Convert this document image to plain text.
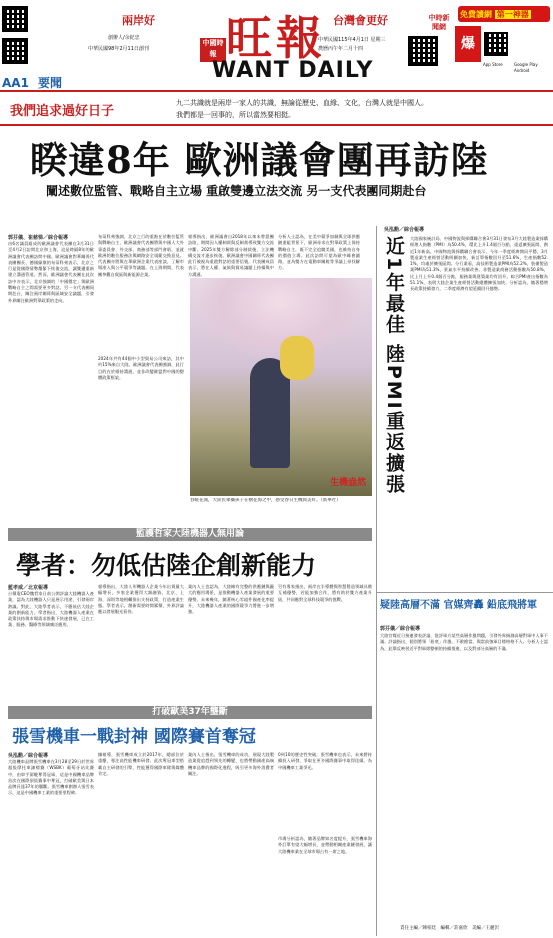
兩岸好
創辦人/余紀忠
中華民國98年2月11日創刊
中國時報 旺報
WANT DAILY
台灣會更好
中華民國115年4月1日 星期三
農曆丙午年二月十四
中時新聞網
免費讀網 第一神器
爆
App Store	Google Play
Android
AA1 要聞
我們追求過好日子
九二共識就是兩岸一家人的共識，無論從歷史、血緣、文化，台灣人就是中國人。
我們都是一回事的，所以當然要相挺。
睽違8年 歐洲議會團再訪陸
闡述數位監管、戰略自主立場 重啟雙邊立法交流 另一支代表團同期赴台
郭芬儀、崔慈悌／綜合報導
由6名議員組成的歐洲議會代表團在3月31日至4月2日訪問北京和上海，這是時隔8年的歐洲議會代表團訪問中國。歐洲議會對華關係代表團團長、德國綠黨的布蒂科弗表示，北京之行是從國際情勢趨緊下恢復交流，讓雙邊重新建立溝通管道。然而，歐洲議會代表團在此次訪中亦表示，北京強調的「中國穩定」與歐洲戰略自主之間需要更多對話。另一支代表團同期赴台，關注兩岸關係與區域安全議題，引發外界關注歐洲對華政策的走向。
布蒂科弗強調，北京之行的重點在於數位監管與戰略自主，歐洲議會代表團將與中國人大外事委員會、外交部、商務部等部門會晤，並就歐洲的數位服務法與網路安全規範交換意見。代表團亦將與在華歐洲企業代表座談，了解市場准入與公平競爭等議題。在上海期間，代表團參觀自貿區與新能源企業。
報導指出，歐洲議會自2018年以來未曾派團訪陸，期間因人權制裁與反制裁導致雙方交流中斷。2025年雙方解除部分制裁後，立法機構交流才逐步恢復。歐洲議會中國關係代表團此行被視為重啟對話的重要信號，代表團成員表示，將在人權、氣候與貿易議題上持續與中方溝通。
分析人士認為，在美中競爭加劇與全球供應鏈重組背景下，歐洲尋求在對華政策上保持戰略自主，既不完全追隨美國，也維持自身的價值立場。此次訪問可望為歐中峰會鋪路，並為雙方在電動車關稅等爭議上尋找解方。
2024年共有44個中小型貿易公司來訪，其中約15%來自大陸。歐洲議會代表團強調，此行目的在於維持溝通，並非改變歐盟對中國的整體政策框架。
生機盎然
春暖花開，大陸民眾攜孩子在樹花海之中，感受春日生機與美好。（新華社）
吳泓勳／綜合報導
近1年最佳 陸PMI重返擴張 大陸國家統計局、中國物流與採購聯合會3月31日發布3月大陸製造業採購經理人指數（PMI）為50.4%，環比上升1.4個百分點，重返擴張區間，創近1年新高。中國物流與採購聯合會表示，今年一季度經濟開局平穩，3月製造業生產經營活動明顯加快，新訂單指數回升至51.6%，生產指數52.1%，均處於擴張區間。分行業看，高技術製造業PMI為52.2%，裝備製造業PMI為51.3%，景氣水平持續改善。非製造業商務活動指數為50.8%，比上月上升0.4個百分點，服務業與建築業均有回升。綜合PMI產出指數為51.1%，表明大陸企業生產經營活動總體擴張加快。分析認為，隨著穩增長政策持續發力，二季度經濟有望延續回升態勢。
疑陸高層不滿 官媒齊轟 鉛底飛將軍
郭芬儀／綜合報導
大陸官媒近日接連發表評論，批評軍方某些高層作風問題，引發外界揣測高層對軍中人事不滿。評論指出，個別將領「鉛底」作風、不敢擔當，與當前強軍目標格格不入。分析人士認為，此舉反映習近平對軍隊整頓的持續推進，以及對部分高層的不滿。
責任主編／陳柏廷　編輯／莊嘉欣　美編／王麗沢
監護哲家大陸機器人無用論
學者：勿低估陸企創新能力
藍孝威／北京報導
台積電CEO魏哲家日前公開評論大陸機器人產業，認為大陸機器人只是展示用途，引發兩岸熱議。對此，大陸學者表示，不應低估大陸企業的創新能力。學者指出，大陸機器人產業在政策扶持與市場需求推動下快速發展，已在工業、服務、醫療等領域廣泛應用。
報導指出，大陸人形機器人企業今年出貨量大幅增長，多家企業獲得大額融資。北京、上海、深圳等地相繼推出支持政策，打造產業生態。學者表示，創新需要時間累積，外界評論應以發展眼光看待。
業內人士也認為，大陸擁有完整的供應鏈與龐大的應用場景，是推動機器人產業發展的重要優勢。未來幾年，隨著核心零組件國產化率提升，大陸機器人產業的國際競爭力將進一步增強。
另有專家指出，兩岸在半導體與智慧製造領域具備互補優勢，若能加強合作，將有助於雙方產業升級，共同應對全球科技競爭的挑戰。
打破歐美37年壟斷
張雪機車一戰封神 國際賽首奪冠
吳泓勳／綜合報導
大陸機車品牌張雪機車在3月28至29日於世界超級摩托車錦標賽（WSBK）葡萄牙站比賽中，由車手駕駛奪得冠軍，這是中國機車品牌首次在國際頂級賽事中奪冠，打破歐美與日本品牌長達37年的壟斷。張雪機車創辦人張雪表示，這是中國機車工業的重要里程碑。
據報導，張雪機車成立於2017年，總部位於重慶，專注高性能機車研發。此次奪冠車型搭載自主研發的引擎，性能獲得國際車隊與媒體肯定。
業內人士指出，張雪機車的成功，展現大陸製造業從追趕到領先的轉變，也將帶動國產高端機車品牌的國際化進程，吸引更多海外消費者關注。
0到10的歷史性突破，張雪機車也表示，未來將持續投入研發，爭取在更多國際賽事中取得佳績，為中國機車工業爭光。
市場分析認為，隨著品牌知名度提升，張雪機車海外訂單有望大幅增長，並帶動相關產業鏈發展，讓大陸機車業在全球市場占有一席之地。
